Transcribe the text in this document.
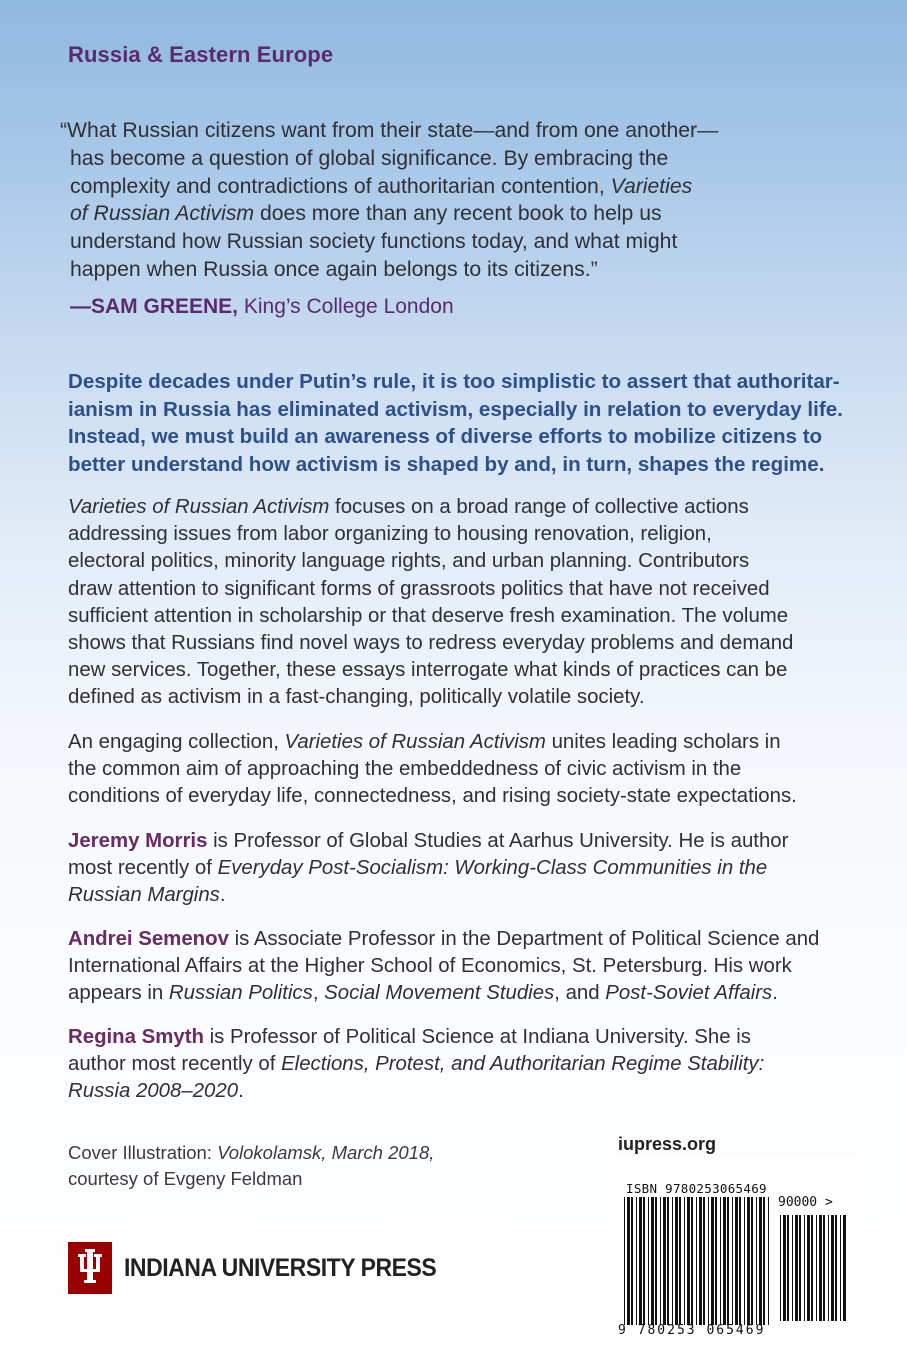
Russia & Eastern Europe
“What Russian citizens want from their state—and from one another—
has become a question of global significance. By embracing the
complexity and contradictions of authoritarian contention, Varieties
of Russian Activism does more than any recent book to help us
understand how Russian society functions today, and what might
happen when Russia once again belongs to its citizens.”
—SAM GREENE, King’s College London
Despite decades under Putin’s rule, it is too simplistic to assert that authoritar-
ianism in Russia has eliminated activism, especially in relation to everyday life.
Instead, we must build an awareness of diverse efforts to mobilize citizens to
better understand how activism is shaped by and, in turn, shapes the regime.
Varieties of Russian Activism focuses on a broad range of collective actions
addressing issues from labor organizing to housing renovation, religion,
electoral politics, minority language rights, and urban planning. Contributors
draw attention to significant forms of grassroots politics that have not received
sufficient attention in scholarship or that deserve fresh examination. The volume
shows that Russians find novel ways to redress everyday problems and demand
new services. Together, these essays interrogate what kinds of practices can be
defined as activism in a fast-changing, politically volatile society.
An engaging collection, Varieties of Russian Activism unites leading scholars in
the common aim of approaching the embeddedness of civic activism in the
conditions of everyday life, connectedness, and rising society-state expectations.
Jeremy Morris is Professor of Global Studies at Aarhus University. He is author
most recently of Everyday Post-Socialism: Working-Class Communities in the
Russian Margins.
Andrei Semenov is Associate Professor in the Department of Political Science and
International Affairs at the Higher School of Economics, St. Petersburg. His work
appears in Russian Politics, Social Movement Studies, and Post-Soviet Affairs.
Regina Smyth is Professor of Political Science at Indiana University. She is
author most recently of Elections, Protest, and Authoritarian Regime Stability:
Russia 2008–2020.
Cover Illustration: Volokolamsk, March 2018,
courtesy of Evgeny Feldman
INDIANA UNIVERSITY PRESS
iupress.org
ISBN 9780253065469
90000 >
9 780253 065469
